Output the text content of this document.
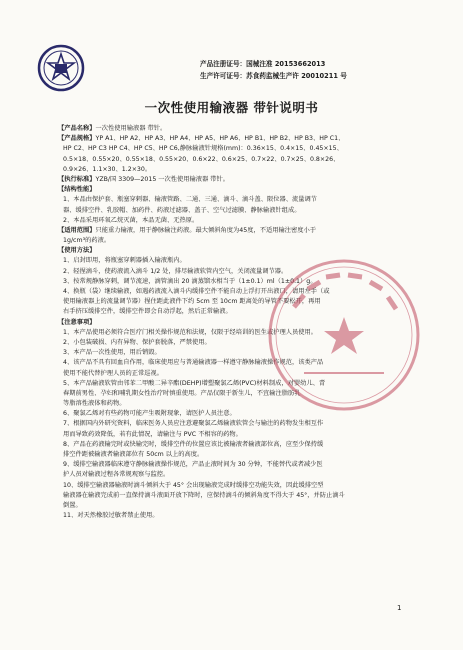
产品注册证号：国械注准 20153662013
生产许可证号：苏食药监械生产许 20010211 号
一次性使用输液器 带针说明书
【产品名称】一次性使用输液器 带针。
【产品规格】YP A1、HP A2、HP A3、HP A4、HP A5、HP A6、HP B1、HP B2、HP B3、HP C1、
HP C2、HP C3 HP C4、HP C5、HP C6,静脉输液针规格(mm)：0.36×15、0.4×15、0.45×15、
0.5×18、0.55×20、0.55×18、0.55×20、0.6×22、0.6×25、0.7×22、0.7×25、0.8×26、
0.9×26、1.1×30、1.2×30。
【执行标准】YZB/国 3309—2015 一次性使用输液器 带针。
【结构性能】
1、本品由保护套、瓶塞穿刺器、输液管路、二通、三通、滴斗、滴斗盖、限位器、流量调节
器、缓排空件、乳胶帽、加药件、药液过滤器、盖子、空气过滤膜、静脉输液针组成。
2、本品采用环氧乙烷灭菌，本品无菌、无热原。
【适用范围】只能重力输液，用于静脉输注药液。最大倾斜角度为45度，不适用输注密度小于
1g/cm³的药液。
【使用方法】
1、启封即用，将瓶塞穿刺器插入输液瓶内。
2、轻捏滴斗，使药液流入滴斗 1/2 处，排尽输液软管内空气，关闭流量调节器。
3、按常规静脉穿刺，调节流速，滴管滴出 20 滴蒸馏水相当于（1±0.1）ml（1±0.1）g。
4、换瓶（袋）继续输液，如遇药液流入滴斗内缓排空件不能自动上浮打开出液口，请用左手（或
使用输液器上的流量调节器）捏住距此液件下约 5cm 至 10cm 距离处的导管不要松开，再用
右手挤压缓排空件，缓排空件即会自动浮起，然后正常输液。
【注意事项】
1、本产品使用必须符合医疗门相关操作规范和法规，仅限于经培训的医生或护理人员使用。
2、小包装破损、内有异物、保护套脱落，严禁使用。
3、本产品一次性使用，用后销毁。
4、该产品不具有回血自作用，临床使用应与普通输液器一样遵守静脉输液操作规范，该类产品
使用不能代替护理人员的正常巡视。
5、本产品输液软管由邻苯二甲酸二异辛酯(DEHP)增塑聚氯乙烯(PVC)材料制成，对婴幼儿、青
春期前男性、孕妇和哺乳期女性治疗时慎重使用。产品仅限于新生儿，不宜输注脂肪乳
等脂溶性液体和药物。
6、聚氯乙烯对有些药物可能产生吸附现象，请医护人员注意。
7、根据国内外研究资料，临床医务人员应注意避聚氯乙烯输液软管会与输注的药物发生相互作
用而导致药效降低，若有此情况，请输注与 PVC 不相容的药物。
8、产品在药液输完时或快输完时，缓排空件的位置应该比被输液者输液部位高，应至少保持缓
排空件距被输液者输液部位有 50cm 以上的高度。
9、缓排空输液器临床遵守静脉输液操作规范，产品止液时间为 30 分钟，不能替代或者减少医
护人员对输液过程各常规观察与监控。
10、缓排空输液器输液时滴斗倾斜大于 45° 会出现输液完成时缓排空功能失效，因此缓排空型
输液器在输液完成前一直保持滴斗液面开放下降时，应保持滴斗的倾斜角度不得大于 45°，并防止滴斗
倒置。
11、对天然橡胶过敏者禁止使用。
1
